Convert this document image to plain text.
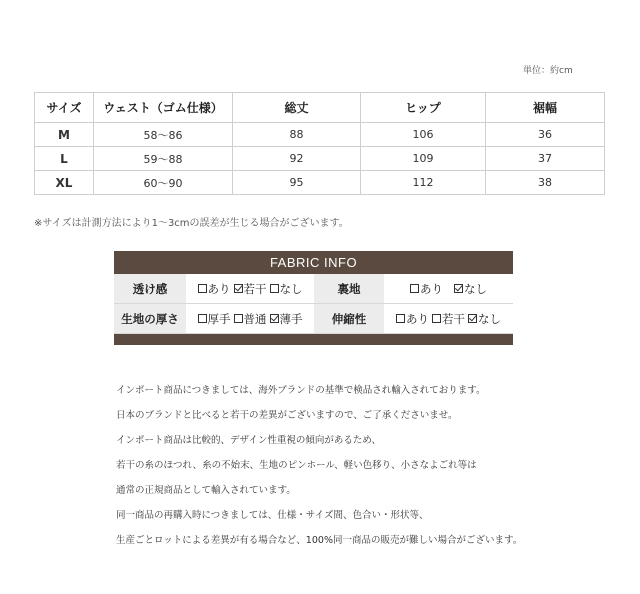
単位：約cm
サイズ	ウェスト（ゴム仕様）	総丈	ヒップ	裾幅
M	58〜86	88	106	36
L	59〜88	92	109	37
XL	60〜90	95	112	38
※サイズは計測方法により1〜3cmの誤差が生じる場合がございます。
FABRIC INFO
透け感	あり 若干 なし	裏地	あり なし
生地の厚さ	厚手 普通 薄手	伸縮性	あり 若干 なし

インポート商品につきましては、海外ブランドの基準で検品され輸入されております。

日本のブランドと比べると若干の差異がございますので、ご了承くださいませ。

インポート商品は比較的、デザイン性重視の傾向があるため、

若干の糸のほつれ、糸の不始末、生地のピンホール、軽い色移り、小さなよごれ等は

通常の正規商品として輸入されています。

同一商品の再購入時につきましては、仕様・サイズ間、色合い・形状等、

生産ごとロットによる差異が有る場合など、100%同一商品の販売が難しい場合がございます。
